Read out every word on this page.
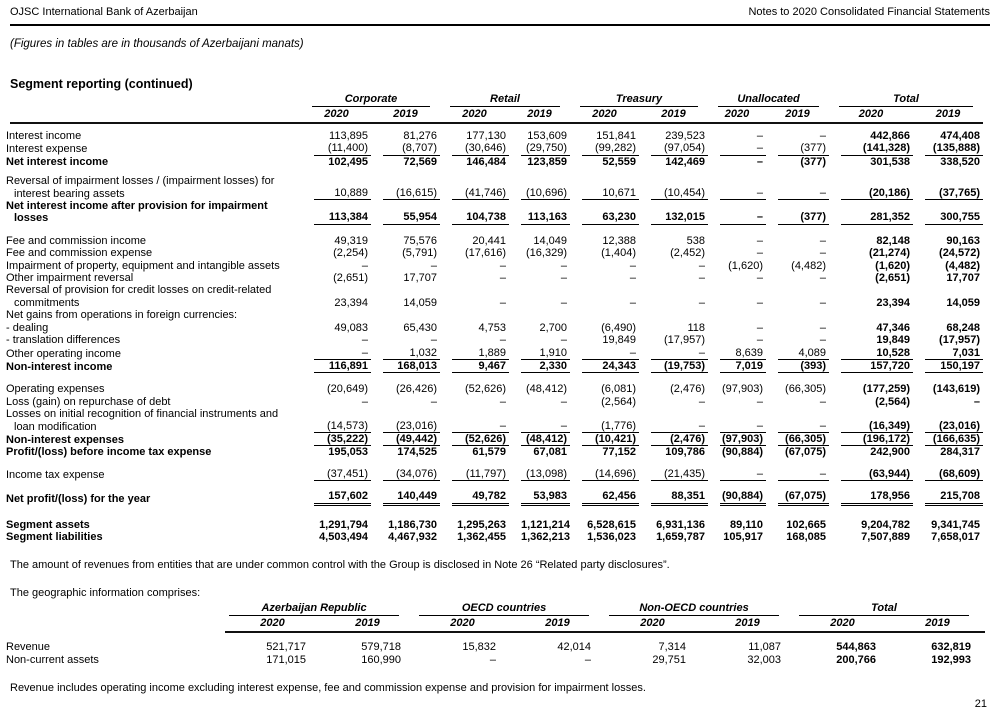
OJSC International Bank of Azerbaijan	Notes to 2020 Consolidated Financial Statements
(Figures in tables are in thousands of Azerbaijani manats)
Segment reporting (continued)

	Corporate		Retail		Treasury		Unallocated		Total	

	2020	2019	2020	2019	2020	2019	2020	2019	2020	2019

Interest income	113,895	81,276	177,130	153,609	151,841	239,523	–	–	442,866	474,408

Interest expense	(11,400)	(8,707)	(30,646)	(29,750)	(99,282)	(97,054)	–	(377)	(141,328)	(135,888)

Net interest income	102,495	72,569	146,484	123,859	52,559	142,469	–	(377)	301,538	338,520

Reversal of impairment losses / (impairment losses) for interest bearing assets	10,889	(16,615)	(41,746)	(10,696)	10,671	(10,454)	–	–	(20,186)	(37,765)

Net interest income after provision for impairment losses	113,384	55,954	104,738	113,163	63,230	132,015	–	(377)	281,352	300,755

Fee and commission income	49,319	75,576	20,441	14,049	12,388	538	–	–	82,148	90,163

Fee and commission expense	(2,254)	(5,791)	(17,616)	(16,329)	(1,404)	(2,452)	–	–	(21,274)	(24,572)

Impairment of property, equipment and intangible assets	–	–	–	–	–	–	(1,620)	(4,482)	(1,620)	(4,482)

Other impairment reversal	(2,651)	17,707	–	–	–	–	–	–	(2,651)	17,707

Reversal of provision for credit losses on credit-related commitments	23,394	14,059	–	–	–	–	–	–	23,394	14,059

Net gains from operations in foreign currencies:										
- dealing	49,083	65,430	4,753	2,700	(6,490)	118	–	–	47,346	68,248

- translation differences	–	–	–	–	19,849	(17,957)	–	–	19,849	(17,957)

Other operating income	–	1,032	1,889	1,910	–	–	8,639	4,089	10,528	7,031

Non-interest income	116,891	168,013	9,467	2,330	24,343	(19,753)	7,019	(393)	157,720	150,197

Operating expenses	(20,649)	(26,426)	(52,626)	(48,412)	(6,081)	(2,476)	(97,903)	(66,305)	(177,259)	(143,619)

Loss (gain) on repurchase of debt	–	–	–	–	(2,564)	–	–	–	(2,564)	–

Losses on initial recognition of financial instruments and loan modification	(14,573)	(23,016)	–	–	(1,776)	–	–	–	(16,349)	(23,016)

Non-interest expenses	(35,222)	(49,442)	(52,626)	(48,412)	(10,421)	(2,476)	(97,903)	(66,305)	(196,172)	(166,635)

Profit/(loss) before income tax expense	195,053	174,525	61,579	67,081	77,152	109,786	(90,884)	(67,075)	242,900	284,317

Income tax expense	(37,451)	(34,076)	(11,797)	(13,098)	(14,696)	(21,435)	–	–	(63,944)	(68,609)

Net profit/(loss) for the year	157,602	140,449	49,782	53,983	62,456	88,351	(90,884)	(67,075)	178,956	215,708

Segment assets	1,291,794	1,186,730	1,295,263	1,121,214	6,528,615	6,931,136	89,110	102,665	9,204,782	9,341,745

Segment liabilities	4,503,494	4,467,932	1,362,455	1,362,213	1,536,023	1,659,787	105,917	168,085	7,507,889	7,658,017

The amount of revenues from entities that are under common control with the Group is disclosed in Note 26 “Related party disclosures”.

The geographic information comprises:

	Azerbaijan Republic		OECD countries		Non-OECD countries		Total	

	2020	2019	2020	2019	2020	2019	2020	2019

Revenue	521,717	579,718	15,832	42,014	7,314	11,087	544,863	632,819

Non-current assets	171,015	160,990	–	–	29,751	32,003	200,766	192,993

Revenue includes operating income excluding interest expense, fee and commission expense and provision for impairment losses.

21
